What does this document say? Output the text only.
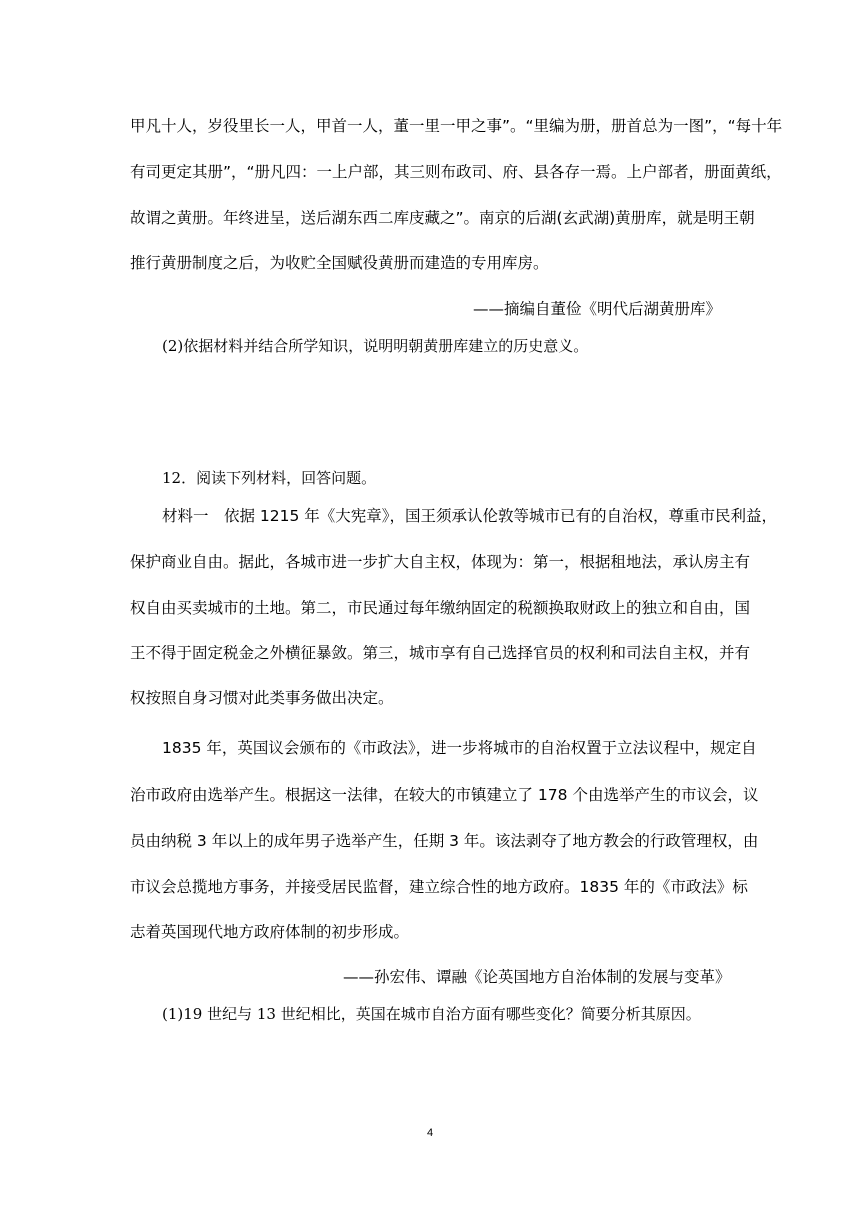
甲凡十人，岁役里长一人，甲首一人，董一里一甲之事”。“里编为册，册首总为一图”，“每十年
有司更定其册”，“册凡四：一上户部，其三则布政司、府、县各存一焉。上户部者，册面黄纸，
故谓之黄册。年终进呈，送后湖东西二库庋藏之”。南京的后湖(玄武湖)黄册库，就是明王朝
推行黄册制度之后，为收贮全国赋役黄册而建造的专用库房。
——摘编自董俭《明代后湖黄册库》
(2)依据材料并结合所学知识，说明明朝黄册库建立的历史意义。
12．阅读下列材料，回答问题。
材料一　依据 1215 年《大宪章》，国王须承认伦敦等城市已有的自治权，尊重市民利益，
保护商业自由。据此，各城市进一步扩大自主权，体现为：第一，根据租地法，承认房主有
权自由买卖城市的土地。第二，市民通过每年缴纳固定的税额换取财政上的独立和自由，国
王不得于固定税金之外横征暴敛。第三，城市享有自己选择官员的权利和司法自主权，并有
权按照自身习惯对此类事务做出决定。
1835 年，英国议会颁布的《市政法》，进一步将城市的自治权置于立法议程中，规定自
治市政府由选举产生。根据这一法律，在较大的市镇建立了 178 个由选举产生的市议会，议
员由纳税 3 年以上的成年男子选举产生，任期 3 年。该法剥夺了地方教会的行政管理权，由
市议会总揽地方事务，并接受居民监督，建立综合性的地方政府。1835 年的《市政法》标
志着英国现代地方政府体制的初步形成。
——孙宏伟、谭融《论英国地方自治体制的发展与变革》
(1)19 世纪与 13 世纪相比，英国在城市自治方面有哪些变化？简要分析其原因。
4
